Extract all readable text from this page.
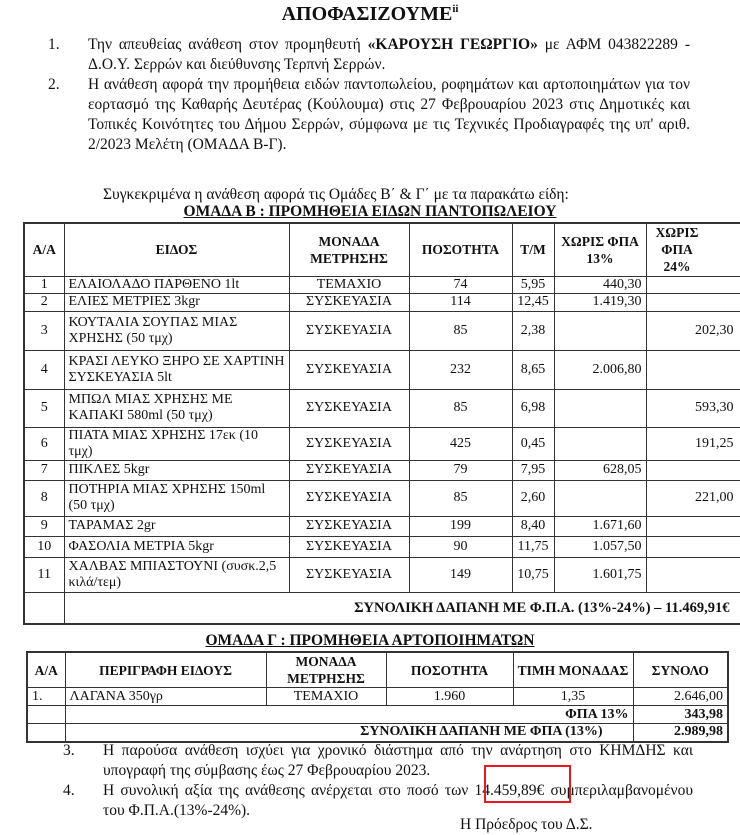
ΑΠΟΦΑΣΙΖΟΥΜΕ$^{ii}$
1.	Την απευθείας ανάθεση στον προμηθευτή «ΚΑΡΟΥΣΗ ΓΕΩΡΓΙΟ» με ΑΦΜ 043822289 - Δ.Ο.Υ. Σερρών και διεύθυνσης Τερπνή Σερρών.
2.	Η ανάθεση αφορά την προμήθεια ειδών παντοπωλείου, ροφημάτων και αρτοποιημάτων για τον εορτασμό της Καθαρής Δευτέρας (Κούλουμα) στις 27 Φεβρουαρίου 2023 στις Δημοτικές και Τοπικές Κοινότητες του Δήμου Σερρών, σύμφωνα με τις Τεχνικές Προδιαγραφές της υπ' αριθ. 2/2023 Μελέτη (ΟΜΑΔΑ Β-Γ).
Συγκεκριμένα η ανάθεση αφορά τις Ομάδες Β΄ & Γ΄ με τα παρακάτω είδη:
ΟΜΑΔΑ Β : ΠΡΟΜΗΘΕΙΑ ΕΙΔΩΝ ΠΑΝΤΟΠΩΛΕΙΟΥ
Α/Α	ΕΙΔΟΣ	ΜΟΝΑΔΑ ΜΕΤΡΗΣΗΣ	ΠΟΣΟΤΗΤΑ	Τ/Μ	ΧΩΡΙΣ ΦΠΑ 13%	ΧΩΡΙΣ ΦΠΑ 24%
1	ΕΛΑΙΟΛΑΔΟ ΠΑΡΘΕΝΟ 1lt	ΤΕΜΑΧΙΟ	74	5,95	440,30	
2	ΕΛΙΕΣ ΜΕΤΡΙΕΣ 3kgr	ΣΥΣΚΕΥΑΣΙΑ	114	12,45	1.419,30	
3	ΚΟΥΤΑΛΙΑ ΣΟΥΠΑΣ ΜΙΑΣ ΧΡΗΣΗΣ (50 τμχ)	ΣΥΣΚΕΥΑΣΙΑ	85	2,38		202,30
4	ΚΡΑΣΙ ΛΕΥΚΟ ΞΗΡΟ ΣΕ ΧΑΡΤΙΝΗ ΣΥΣΚΕΥΑΣΙΑ 5lt	ΣΥΣΚΕΥΑΣΙΑ	232	8,65	2.006,80	
5	ΜΠΩΛ ΜΙΑΣ ΧΡΗΣΗΣ ΜΕ ΚΑΠΑΚΙ 580ml (50 τμχ)	ΣΥΣΚΕΥΑΣΙΑ	85	6,98		593,30
6	ΠΙΑΤΑ ΜΙΑΣ ΧΡΗΣΗΣ 17εκ (10 τμχ)	ΣΥΣΚΕΥΑΣΙΑ	425	0,45		191,25
7	ΠΙΚΛΕΣ 5kgr	ΣΥΣΚΕΥΑΣΙΑ	79	7,95	628,05	
8	ΠΟΤΗΡΙΑ ΜΙΑΣ ΧΡΗΣΗΣ 150ml (50 τμχ)	ΣΥΣΚΕΥΑΣΙΑ	85	2,60		221,00
9	ΤΑΡΑΜΑΣ 2gr	ΣΥΣΚΕΥΑΣΙΑ	199	8,40	1.671,60	
10	ΦΑΣΟΛΙΑ ΜΕΤΡΙΑ 5kgr	ΣΥΣΚΕΥΑΣΙΑ	90	11,75	1.057,50	
11	ΧΑΛΒΑΣ ΜΠΙΑΣΤΟΥΝΙ (συσκ.2,5 κιλά/τεμ)	ΣΥΣΚΕΥΑΣΙΑ	149	10,75	1.601,75	
	ΣΥΝΟΛΙΚΗ ΔΑΠΑΝΗ ΜΕ Φ.Π.Α. (13%-24%) – 11.469,91€					
ΟΜΑΔΑ Γ : ΠΡΟΜΗΘΕΙΑ ΑΡΤΟΠΟΙΗΜΑΤΩΝ
Α/Α	ΠΕΡΙΓΡΑΦΗ ΕΙΔΟΥΣ	ΜΟΝΑΔΑ ΜΕΤΡΗΣΗΣ	ΠΟΣΟΤΗΤΑ	ΤΙΜΗ ΜΟΝΑΔΑΣ	ΣΥΝΟΛΟ
1.	ΛΑΓΑΝΑ 350γρ	ΤΕΜΑΧΙΟ	1.960	1,35	2.646,00
	ΦΠΑ 13%				343,98
	ΣΥΝΟΛΙΚΗ ΔΑΠΑΝΗ ΜΕ ΦΠΑ (13%)				2.989,98
3.	Η παρούσα ανάθεση ισχύει για χρονικό διάστημα από την ανάρτηση στο ΚΗΜΔΗΣ και υπογραφή της σύμβασης έως 27 Φεβρουαρίου 2023.
4.	Η συνολική αξία της ανάθεσης ανέρχεται στο ποσό των 14.459,89€ συμπεριλαμβανομένου του Φ.Π.Α.(13%-24%).
Η Πρόεδρος του Δ.Σ.
